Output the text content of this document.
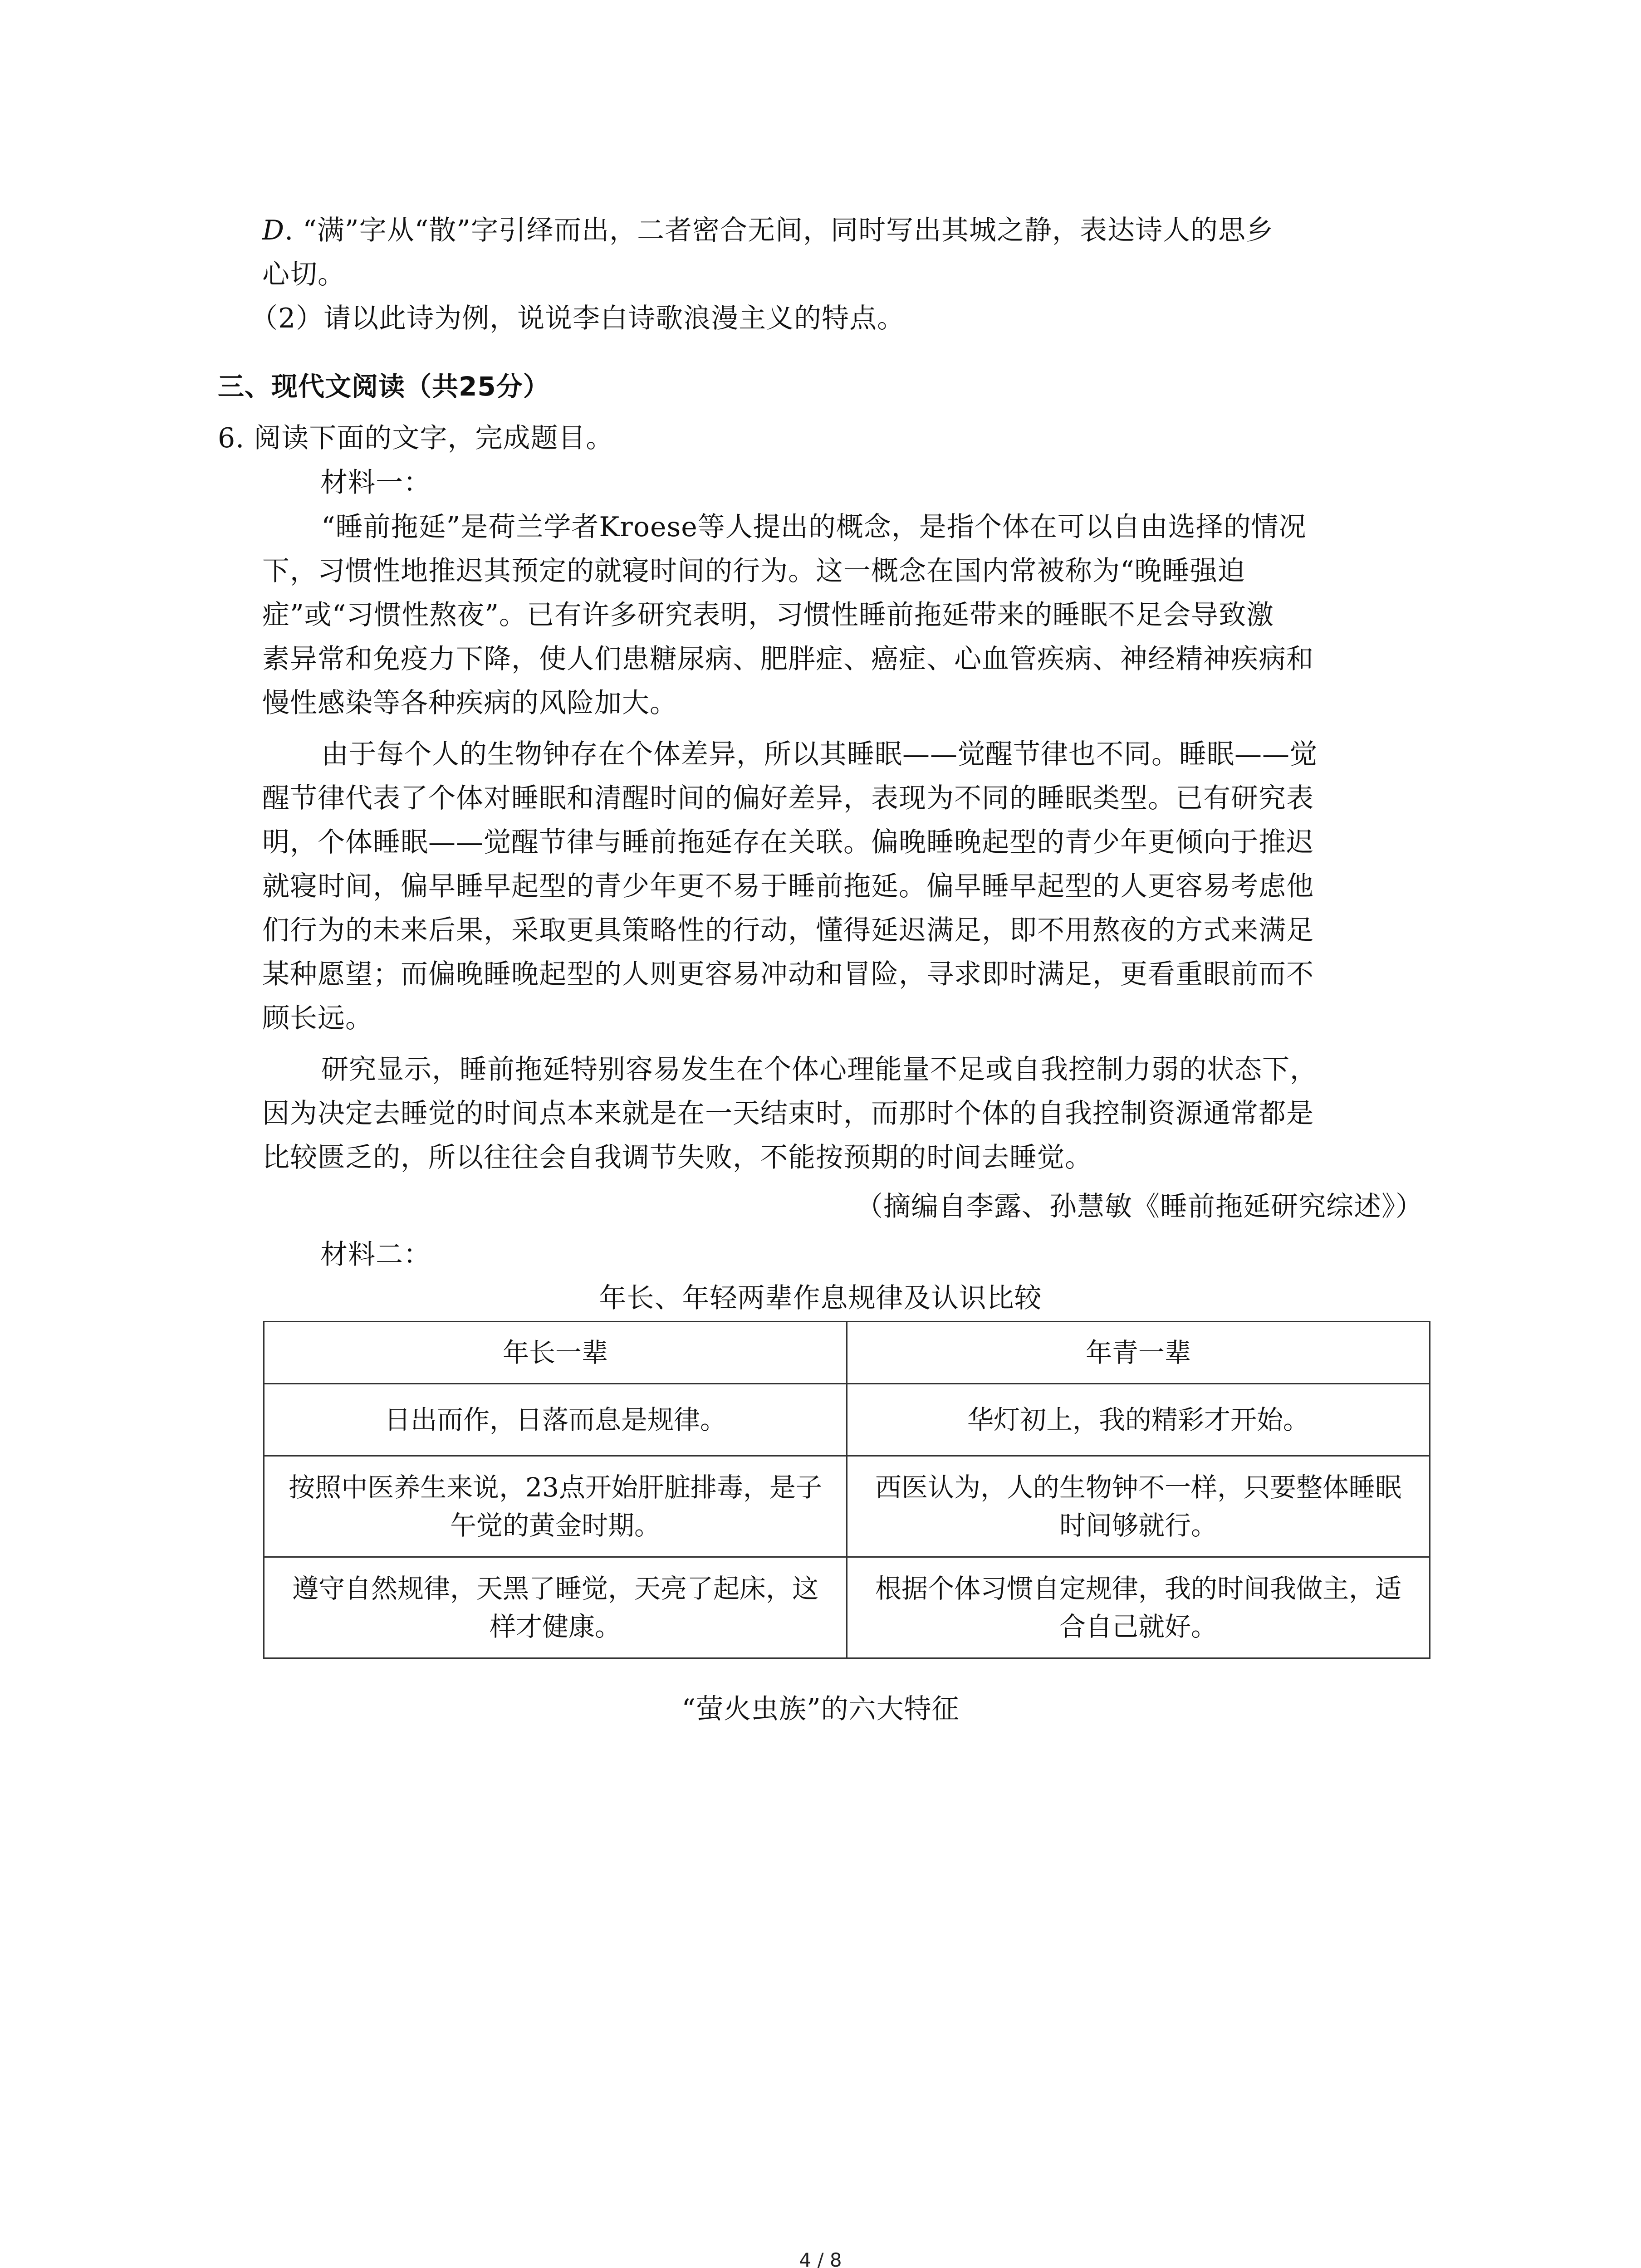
D. “满”字从“散”字引绎而出，二者密合无间，同时写出其城之静，表达诗人的思乡
心切。
（2）请以此诗为例，说说李白诗歌浪漫主义的特点。
三、现代文阅读（共25分）
6. 阅读下面的文字，完成题目。
材料一：
“睡前拖延”是荷兰学者Kroese等人提出的概念，是指个体在可以自由选择的情况
下，习惯性地推迟其预定的就寝时间的行为。这一概念在国内常被称为“晚睡强迫
症”或“习惯性熬夜”。已有许多研究表明，习惯性睡前拖延带来的睡眠不足会导致激
素异常和免疫力下降，使人们患糖尿病、肥胖症、癌症、心血管疾病、神经精神疾病和
慢性感染等各种疾病的风险加大。
由于每个人的生物钟存在个体差异，所以其睡眠——觉醒节律也不同。睡眠——觉
醒节律代表了个体对睡眠和清醒时间的偏好差异，表现为不同的睡眠类型。已有研究表
明，个体睡眠——觉醒节律与睡前拖延存在关联。偏晚睡晚起型的青少年更倾向于推迟
就寝时间，偏早睡早起型的青少年更不易于睡前拖延。偏早睡早起型的人更容易考虑他
们行为的未来后果，采取更具策略性的行动，懂得延迟满足，即不用熬夜的方式来满足
某种愿望；而偏晚睡晚起型的人则更容易冲动和冒险，寻求即时满足，更看重眼前而不
顾长远。
研究显示，睡前拖延特别容易发生在个体心理能量不足或自我控制力弱的状态下，
因为决定去睡觉的时间点本来就是在一天结束时，而那时个体的自我控制资源通常都是
比较匮乏的，所以往往会自我调节失败，不能按预期的时间去睡觉。
（摘编自李露、孙慧敏《睡前拖延研究综述》）
材料二：
年长、年轻两辈作息规律及认识比较
年长一辈	年青一辈
日出而作，日落而息是规律。	华灯初上，我的精彩才开始。
按照中医养生来说，23点开始肝脏排毒，是子午觉的黄金时期。	西医认为，人的生物钟不一样，只要整体睡眠时间够就行。
遵守自然规律，天黑了睡觉，天亮了起床，这样才健康。	根据个体习惯自定规律，我的时间我做主，适合自己就好。
“萤火虫族”的六大特征
4 / 8
